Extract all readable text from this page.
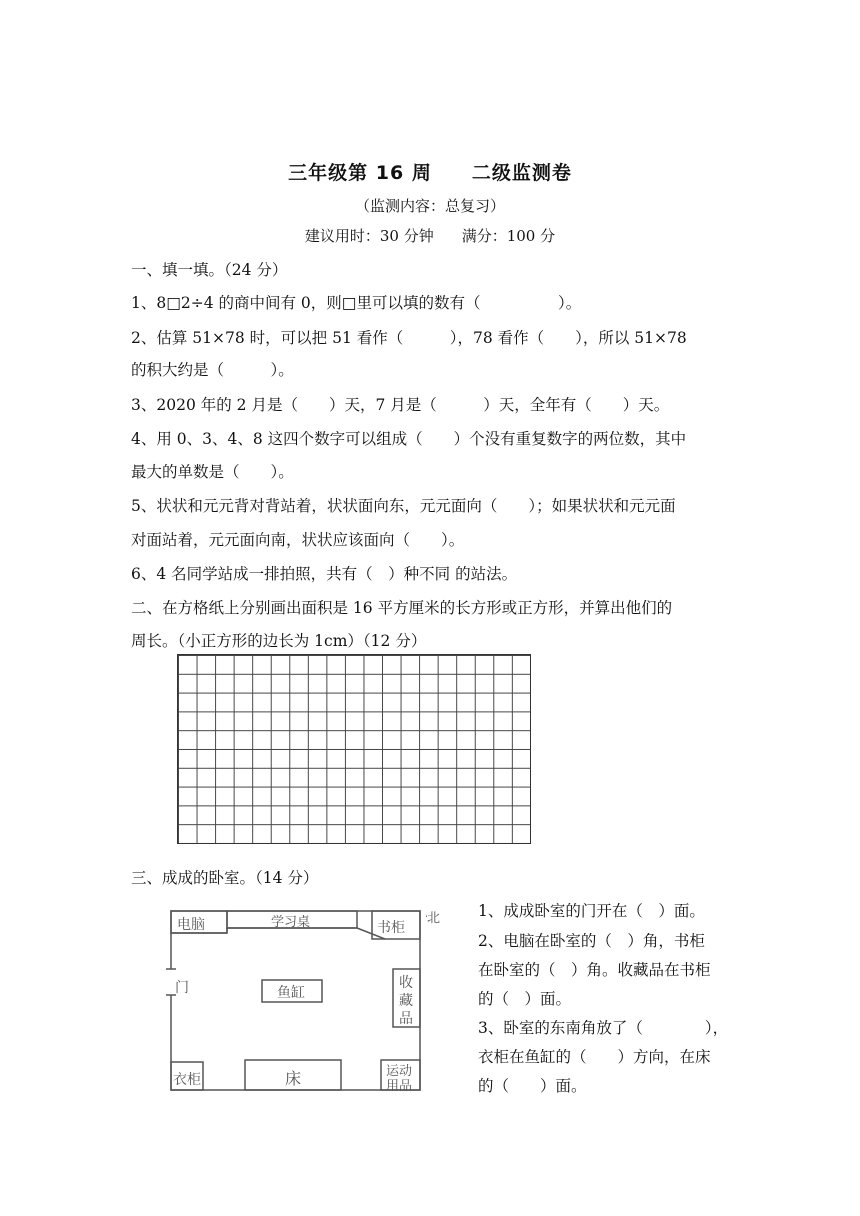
三年级第 16 周 二级监测卷
（监测内容：总复习）
建议用时：30 分钟 满分：100 分
一、填一填。（24 分）
1、8□2÷4 的商中间有 0，则□里可以填的数有（　　　　　）。
2、估算 51×78 时，可以把 51 看作（　　　），78 看作（　　），所以 51×78
的积大约是（　　　）。
3、2020 年的 2 月是（　　）天，7 月是（　　　）天，全年有（　　）天。
4、用 0、3、4、8 这四个数字可以组成（　　）个没有重复数字的两位数，其中
最大的单数是（　　）。
5、状状和元元背对背站着，状状面向东，元元面向（　　）；如果状状和元元面
对面站着，元元面向南，状状应该面向（　　）。
6、4 名同学站成一排拍照，共有（　）种不同 的站法。
二、在方格纸上分别画出面积是 16 平方厘米的长方形或正方形，并算出他们的
周长。（小正方形的边长为 1cm）（12 分）
三、成成的卧室。（14 分）
电脑	学习桌	书柜
北
门	鱼缸
收
藏
品
衣柜	床	运动
用品
1、成成卧室的门开在（　）面。
2、电脑在卧室的（　）角，书柜
在卧室的（　）角。收藏品在书柜
的（　）面。
3、卧室的东南角放了（　　　　），
衣柜在鱼缸的（　　）方向，在床
的（　　）面。
